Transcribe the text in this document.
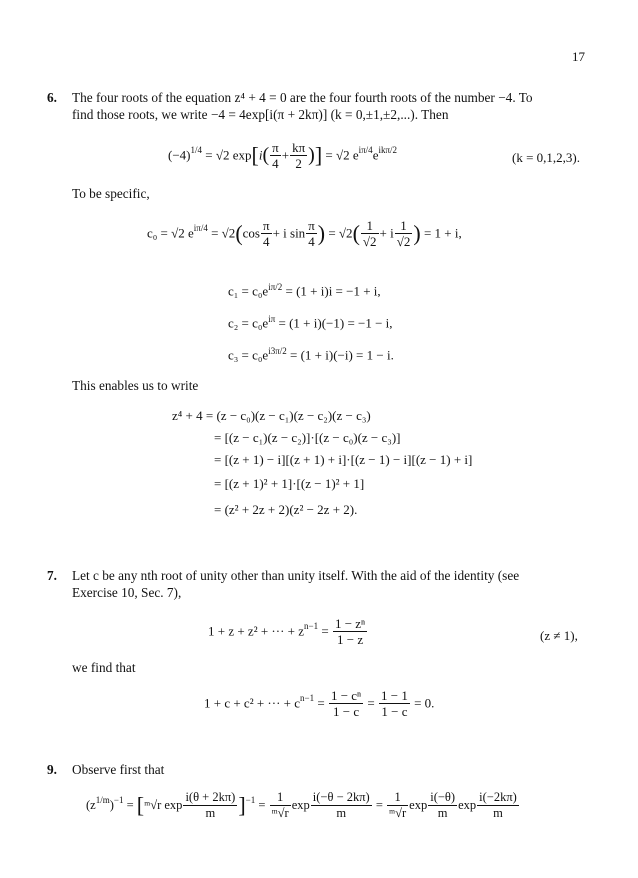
17
6. The four roots of the equation z⁴ + 4 = 0 are the four fourth roots of the number −4. To
find those roots, we write −4 = 4exp[i(π + 2kπ)] (k = 0,±1,±2,...). Then
$(-4)^{1/4} = √2$ $\exp[i( \frac{\pi}{4} + \frac{k\pi}{2}$ )] = √2 $e^{i\pi/4}e^{ik\pi/2}$	(k = 0,1,2,3).
To be specific,
c₀ = √2 $e^{i\pi/4} = √2(\cos \frac{\pi}{4} + i$ $\sin \frac{\pi}{4}$ ) = $√2( \frac{1}{√2} + i \frac{1}{√2}$ ) = 1 + i,
$c_1 = c_0e^{i\pi/2} = (1 + i)i = -1 + i$,
$c_2 = c_0e^{i\pi} = (1 + i)(-1) = -1 - i$,
$c_3 = c_0e^{i3\pi/2} = (1 + i)(-i) = 1 - i$.
This enables us to write
z⁴ + 4 = (z − c₀)(z − c₁)(z − c₂)(z − c₃)
= [(z − c₁)(z − c₂)]·[(z − c₀)(z − c₃)]
= [(z + 1) − i][(z + 1) + i]·[(z − 1) − i][(z − 1) + i]
= [(z + 1)² + 1]·[(z − 1)² + 1]
= (z² + 2z + 2)(z² − 2z + 2).
7. Let c be any nth root of unity other than unity itself. With the aid of the identity (see
Exercise 10, Sec. 7),
1 + z + z² + ··· + $z^{n-1} = \frac{\text{1 − zⁿ}}{1 - z}$	(z ≠ 1),
we find that
1 + c + c² + ··· + $c^{n-1} = \frac{\text{1 − cⁿ}}{1 - c} = \frac{1 - 1}{1 - c} = 0$.
9. Observe first that
$(z^{1/m})^{-1}$ = [ᵐ√r $\exp \frac{i(\theta + 2k\pi)}{m} ]^{-1} = \frac{1}{\text{ᵐ√r}}$ $\exp \frac{i(-\theta - 2k\pi)}{m} = \frac{1}{\text{ᵐ√r}}$ $\exp \frac{i(-\theta)}{m}$ $\exp \frac{i(-2k\pi)}{m}$
